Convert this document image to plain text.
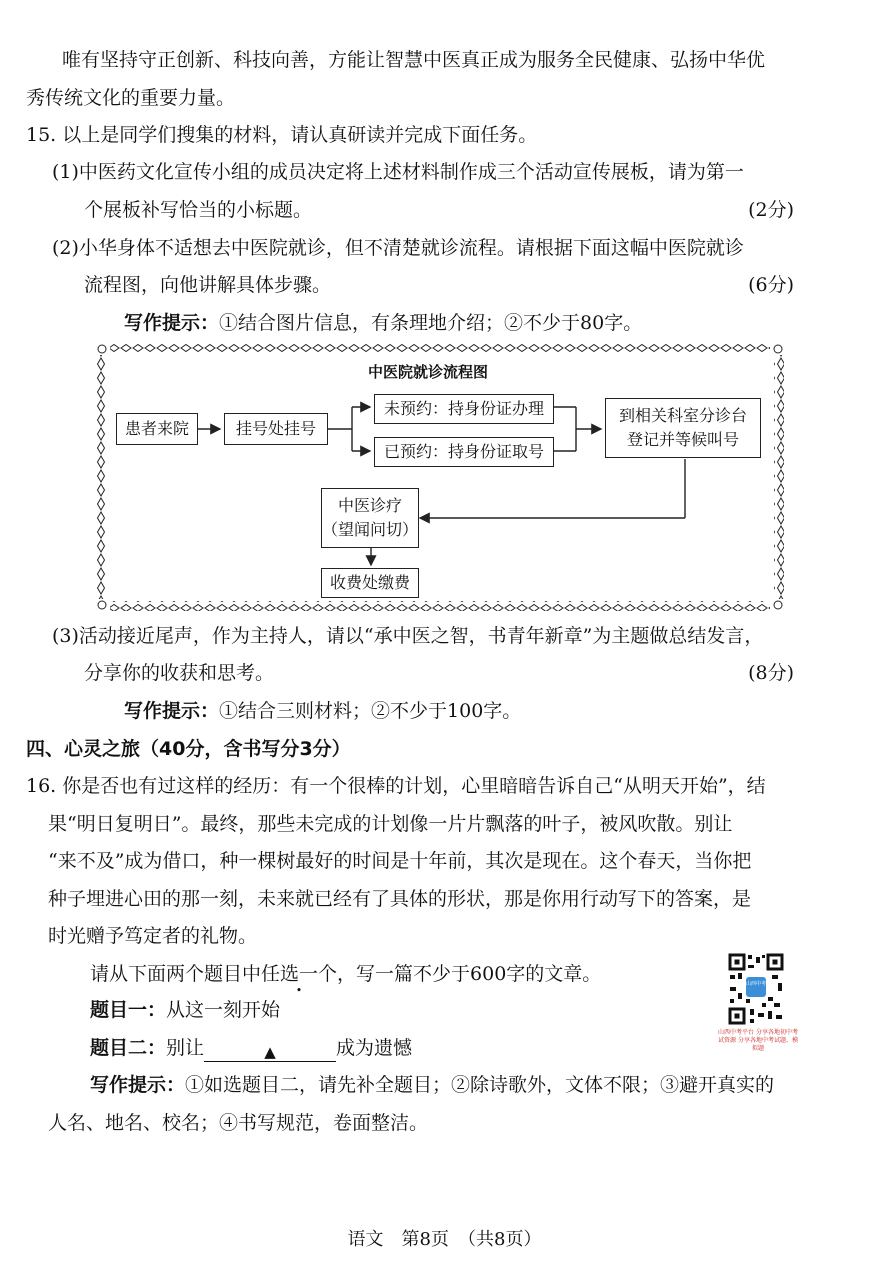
唯有坚持守正创新、科技向善，方能让智慧中医真正成为服务全民健康、弘扬中华优
秀传统文化的重要力量。
15. 以上是同学们搜集的材料，请认真研读并完成下面任务。
(1)中医药文化宣传小组的成员决定将上述材料制作成三个活动宣传展板，请为第一
个展板补写恰当的小标题。	(2分)
(2)小华身体不适想去中医院就诊，但不清楚就诊流程。请根据下面这幅中医院就诊
流程图，向他讲解具体步骤。	(6分)
写作提示：①结合图片信息，有条理地介绍；②不少于80字。
中医院就诊流程图
患者来院	挂号处挂号
未预约：持身份证办理
已预约：持身份证取号
到相关科室分诊台
登记并等候叫号
中医诊疗
（望闻问切）
收费处缴费
(3)活动接近尾声，作为主持人，请以“承中医之智，书青年新章”为主题做总结发言，
分享你的收获和思考。	(8分)
写作提示：①结合三则材料；②不少于100字。
四、心灵之旅（40分，含书写分3分）
16. 你是否也有过这样的经历：有一个很棒的计划，心里暗暗告诉自己“从明天开始”，结
果“明日复明日”。最终，那些未完成的计划像一片片飘落的叶子，被风吹散。别让
“来不及”成为借口，种一棵树最好的时间是十年前，其次是现在。这个春天，当你把
种子埋进心田的那一刻，未来就已经有了具体的形状，那是你用行动写下的答案，是
时光赠予笃定者的礼物。
请从下面两个题目中任选一个，写一篇不少于600字的文章。
题目一：从这一刻开始
题目二：别让	▲	成为遗憾
写作提示：①如选题目二，请先补全题目；②除诗歌外，文体不限；③避开真实的
人名、地名、校名；④书写规范，卷面整洁。
山西中考
山西中考平台 分享各地初中考试资源 分享各地中考试题、模拟题
语文　第8页　（共8页）
